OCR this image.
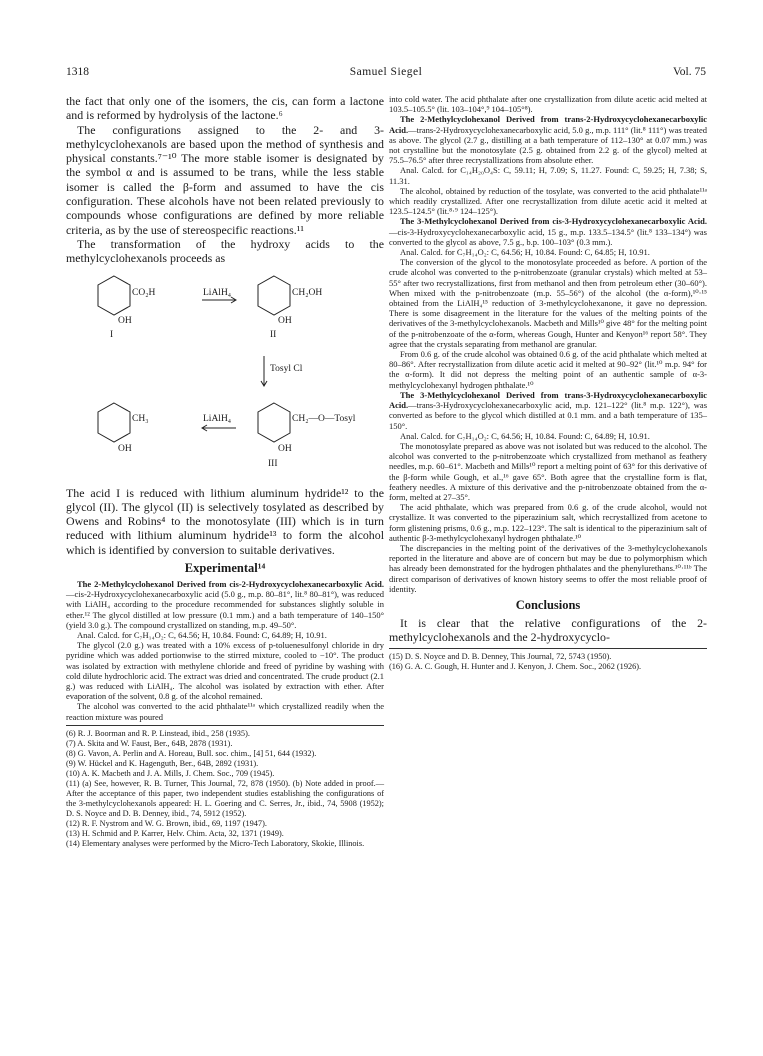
1318	Samuel Siegel	Vol. 75

the fact that only one of the isomers, the cis, can form a lactone and is reformed by hydrolysis of the lactone.⁶

The configurations assigned to the 2- and 3-methylcyclohexanols are based upon the method of synthesis and physical constants.⁷⁻¹⁰ The more stable isomer is designated by the symbol α and is assumed to be trans, while the less stable isomer is called the β-form and assumed to have the cis configuration. These alcohols have not been related previously to compounds whose configurations are defined by more reliable criteria, as by the use of stereospecific reactions.¹¹

The transformation of the hydroxy acids to the methylcyclohexanols proceeds as

CO₂H	LiAlH₄	CH₂OH
OH	OH
I	II
Tosyl Cl
CH₃	LiAlH₄	CH₂—O—Tosyl
OH	OH
III

The acid I is reduced with lithium aluminum hydride¹² to the glycol (II). The glycol (II) is selectively tosylated as described by Owens and Robins⁴ to the monotosylate (III) which is in turn reduced with lithium aluminum hydride¹³ to form the alcohol which is identified by conversion to suitable derivatives.

Experimental¹⁴

The 2-Methylcyclohexanol Derived from cis-2-Hydroxycyclohexanecarboxylic Acid.—cis-2-Hydroxycyclohexanecarboxylic acid (5.0 g., m.p. 80–81°, lit.⁸ 80–81°), was reduced with LiAlH₄ according to the procedure recommended for substances slightly soluble in ether.¹² The glycol distilled at low pressure (0.1 mm.) and a bath temperature of 140–150° (yield 3.0 g.). The compound crystallized on standing, m.p. 49–50°.

Anal. Calcd. for C₇H₁₄O₂: C, 64.56; H, 10.84. Found: C, 64.89; H, 10.91.

The glycol (2.0 g.) was treated with a 10% excess of p-toluenesulfonyl chloride in dry pyridine which was added portionwise to the stirred mixture, cooled to −10°. The product was isolated by extraction with methylene chloride and freed of pyridine by washing with cold dilute hydrochloric acid. The extract was dried and concentrated. The crude product (2.1 g.) was reduced with LiAlH₄. The alcohol was isolated by extraction with ether. After evaporation of the solvent, 0.8 g. of the alcohol remained.

The alcohol was converted to the acid phthalate¹¹ᵃ which crystallized readily when the reaction mixture was poured

(6) R. J. Boorman and R. P. Linstead, ibid., 258 (1935).

(7) A. Skita and W. Faust, Ber., 64B, 2878 (1931).

(8) G. Vavon, A. Perlin and A. Horeau, Bull. soc. chim., [4] 51, 644 (1932).

(9) W. Hückel and K. Hagenguth, Ber., 64B, 2892 (1931).

(10) A. K. Macbeth and J. A. Mills, J. Chem. Soc., 709 (1945).

(11) (a) See, however, R. B. Turner, This Journal, 72, 878 (1950). (b) Note added in proof.—After the acceptance of this paper, two independent studies establishing the configurations of the 3-methylcyclohexanols appeared: H. L. Goering and C. Serres, Jr., ibid., 74, 5908 (1952); D. S. Noyce and D. B. Denney, ibid., 74, 5912 (1952).

(12) R. F. Nystrom and W. G. Brown, ibid., 69, 1197 (1947).

(13) H. Schmid and P. Karrer, Helv. Chim. Acta, 32, 1371 (1949).

(14) Elementary analyses were performed by the Micro-Tech Laboratory, Skokie, Illinois.

into cold water. The acid phthalate after one crystallization from dilute acetic acid melted at 103.5–105.5° (lit. 103–104°,⁹ 104–105°⁸).

The 2-Methylcyclohexanol Derived from trans-2-Hydroxycyclohexanecarboxylic Acid.—trans-2-Hydroxycyclohexanecarboxylic acid, 5.0 g., m.p. 111° (lit.⁸ 111°) was treated as above. The glycol (2.7 g., distilling at a bath temperature of 112–130° at 0.07 mm.) was not crystalline but the monotosylate (2.5 g. obtained from 2.2 g. of the glycol) melted at 75.5–76.5° after three recrystallizations from absolute ether.

Anal. Calcd. for C₁₄H₂₀O₄S: C, 59.11; H, 7.09; S, 11.27. Found: C, 59.25; H, 7.38; S, 11.31.

The alcohol, obtained by reduction of the tosylate, was converted to the acid phthalate¹¹ᵃ which readily crystallized. After one recrystallization from dilute acetic acid it melted at 123.5–124.5° (lit.⁸·⁹ 124–125°).

The 3-Methylcyclohexanol Derived from cis-3-Hydroxycyclohexanecarboxylic Acid.—cis-3-Hydroxycyclohexanecarboxylic acid, 15 g., m.p. 133.5–134.5° (lit.⁸ 133–134°) was converted to the glycol as above, 7.5 g., b.p. 100–103° (0.3 mm.).

Anal. Calcd. for C₇H₁₄O₂: C, 64.56; H, 10.84. Found: C, 64.85; H, 10.91.

The conversion of the glycol to the monotosylate proceeded as before. A portion of the crude alcohol was converted to the p-nitrobenzoate (granular crystals) which melted at 53–55° after two recrystallizations, first from methanol and then from petroleum ether (30–60°). When mixed with the p-nitrobenzoate (m.p. 55–56°) of the alcohol (the α-form),¹⁰·¹⁵ obtained from the LiAlH₄¹⁵ reduction of 3-methylcyclohexanone, it gave no depression. There is some disagreement in the literature for the values of the melting points of the derivatives of the 3-methylcyclohexanols. Macbeth and Mills¹⁰ give 48° for the melting point of the p-nitrobenzoate of the α-form, whereas Gough, Hunter and Kenyon¹⁶ report 58°. They agree that the crystals separating from methanol are granular.

From 0.6 g. of the crude alcohol was obtained 0.6 g. of the acid phthalate which melted at 80–86°. After recrystallization from dilute acetic acid it melted at 90–92° (lit.¹⁰ m.p. 94° for the α-form). It did not depress the melting point of an authentic sample of α-3-methylcyclohexanyl hydrogen phthalate.¹⁰

The 3-Methylcyclohexanol Derived from trans-3-Hydroxycyclohexanecarboxylic Acid.—trans-3-Hydroxycyclohexanecarboxylic acid, m.p. 121–122° (lit.⁸ m.p. 122°), was converted as before to the glycol which distilled at 0.1 mm. and a bath temperature of 135–150°.

Anal. Calcd. for C₇H₁₄O₂: C, 64.56; H, 10.84. Found: C, 64.89; H, 10.91.

The monotosylate prepared as above was not isolated but was reduced to the alcohol. The alcohol was converted to the p-nitrobenzoate which crystallized from methanol as feathery needles, m.p. 60–61°. Macbeth and Mills¹⁰ report a melting point of 63° for this derivative of the β-form while Gough, et al.,¹⁶ gave 65°. Both agree that the crystalline form is flat, feathery needles. A mixture of this derivative and the p-nitrobenzoate obtained from the α-form, melted at 27–35°.

The acid phthalate, which was prepared from 0.6 g. of the crude alcohol, would not crystallize. It was converted to the piperazinium salt, which recrystallized from acetone to form glistening prisms, 0.6 g., m.p. 122–123°. The salt is identical to the piperazinium salt of authentic β-3-methylcyclohexanyl hydrogen phthalate.¹⁰

The discrepancies in the melting point of the derivatives of the 3-methylcyclohexanols reported in the literature and above are of concern but may be due to polymorphism which has already been demonstrated for the hydrogen phthalates and the phenylurethans.¹⁰·¹¹ᵇ The direct comparison of derivatives of known history seems to offer the most reliable proof of identity.

Conclusions

It is clear that the relative configurations of the 2-methylcyclohexanols and the 2-hydroxycyclo-

(15) D. S. Noyce and D. B. Denney, This Journal, 72, 5743 (1950).

(16) G. A. C. Gough, H. Hunter and J. Kenyon, J. Chem. Soc., 2062 (1926).
